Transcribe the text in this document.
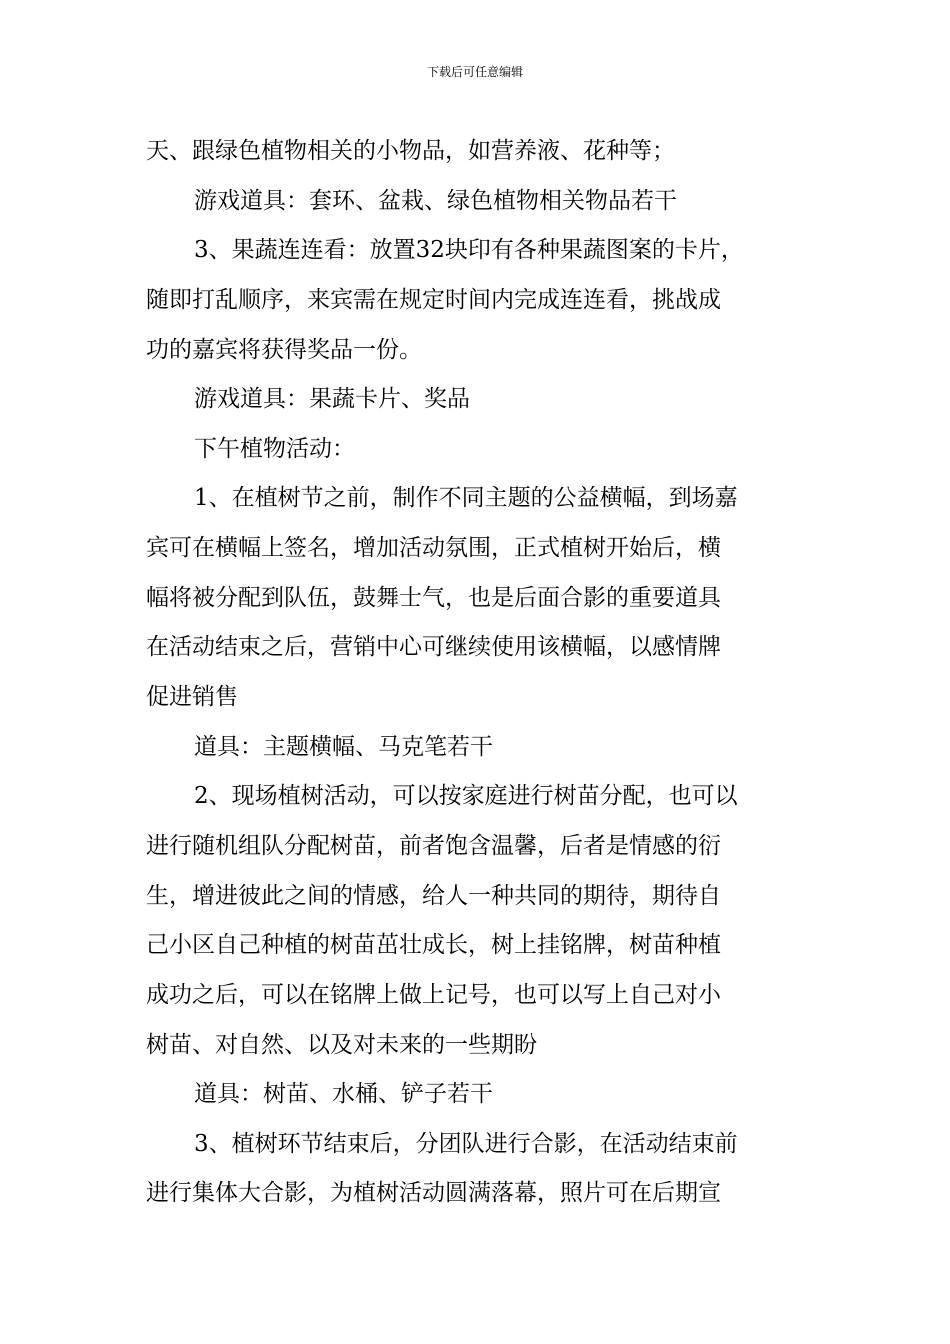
下载后可任意编辑
天、跟绿色植物相关的小物品，如营养液、花种等；
游戏道具：套环、盆栽、绿色植物相关物品若干
3、果蔬连连看：放置32块印有各种果蔬图案的卡片，
随即打乱顺序，来宾需在规定时间内完成连连看，挑战成
功的嘉宾将获得奖品一份。
游戏道具：果蔬卡片、奖品
下午植物活动：
1、在植树节之前，制作不同主题的公益横幅，到场嘉
宾可在横幅上签名，增加活动氛围，正式植树开始后，横
幅将被分配到队伍，鼓舞士气，也是后面合影的重要道具
在活动结束之后，营销中心可继续使用该横幅，以感情牌
促进销售
道具：主题横幅、马克笔若干
2、现场植树活动，可以按家庭进行树苗分配，也可以
进行随机组队分配树苗，前者饱含温馨，后者是情感的衍
生，增进彼此之间的情感，给人一种共同的期待，期待自
己小区自己种植的树苗茁壮成长，树上挂铭牌，树苗种植
成功之后，可以在铭牌上做上记号，也可以写上自己对小
树苗、对自然、以及对未来的一些期盼
道具：树苗、水桶、铲子若干
3、植树环节结束后，分团队进行合影，在活动结束前
进行集体大合影，为植树活动圆满落幕，照片可在后期宣
